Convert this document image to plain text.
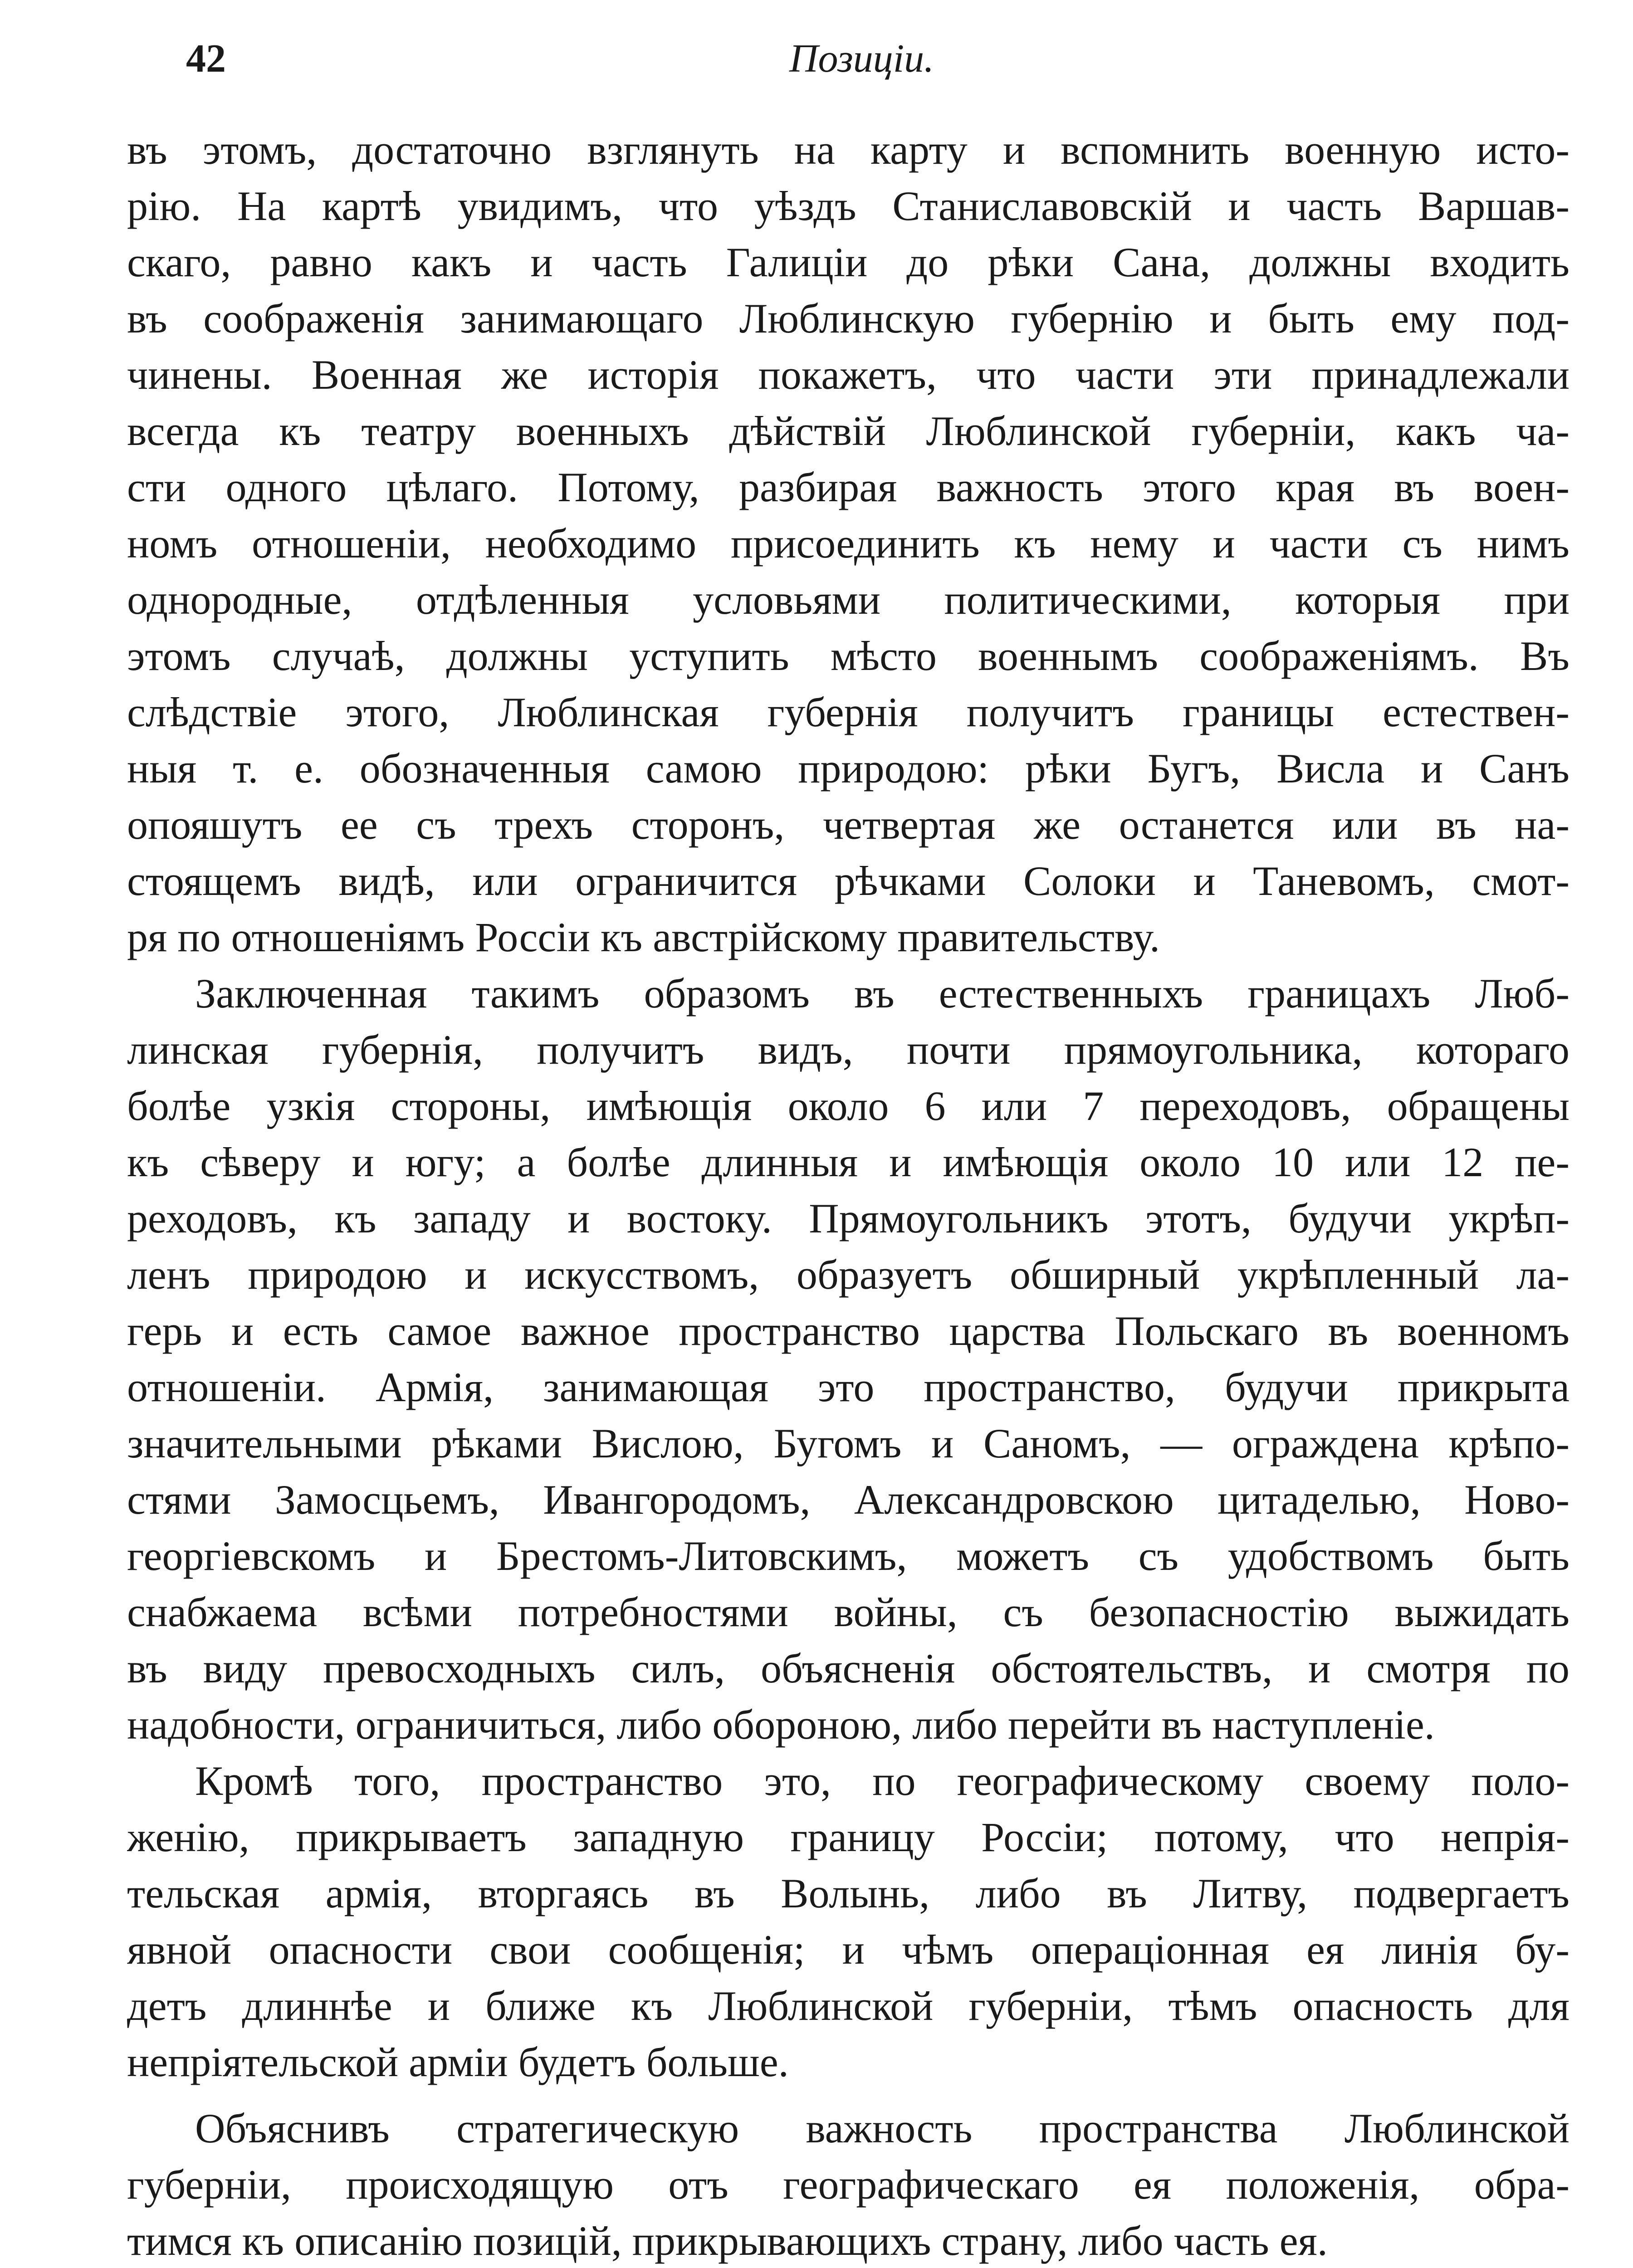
42	Позиціи.
въ этомъ, достаточно взглянуть на карту и вспомнить военную исто-
рію. На картѣ увидимъ, что уѣздъ Станиславовскій и часть Варшав-
скаго, равно какъ и часть Галиціи до рѣки Сана, должны входить
въ соображенія занимающаго Люблинскую губернію и быть ему под-
чинены. Военная же исторія покажетъ, что части эти принадлежали
всегда къ театру военныхъ дѣйствій Люблинской губерніи, какъ ча-
сти одного цѣлаго. Потому, разбирая важность этого края въ воен-
номъ отношеніи, необходимо присоединить къ нему и части съ нимъ
однородные, отдѣленныя условьями политическими, которыя при
этомъ случаѣ, должны уступить мѣсто военнымъ соображеніямъ. Въ
слѣдствіе этого, Люблинская губернія получитъ границы естествен-
ныя т. е. обозначенныя самою природою: рѣки Бугъ, Висла и Санъ
опояшутъ ее съ трехъ сторонъ, четвертая же останется или въ на-
стоящемъ видѣ, или ограничится рѣчками Солоки и Таневомъ, смот-
ря по отношеніямъ Россіи къ австрійскому правительству.
Заключенная такимъ образомъ въ естественныхъ границахъ Люб-
линская губернія, получитъ видъ, почти прямоугольника, котораго
болѣе узкія стороны, имѣющія около 6 или 7 переходовъ, обращены
къ сѣверу и югу; а болѣе длинныя и имѣющія около 10 или 12 пе-
реходовъ, къ западу и востоку. Прямоугольникъ этотъ, будучи укрѣп-
ленъ природою и искусствомъ, образуетъ обширный укрѣпленный ла-
герь и есть самое важное пространство царства Польскаго въ военномъ
отношеніи. Армія, занимающая это пространство, будучи прикрыта
значительными рѣками Вислою, Бугомъ и Саномъ, — ограждена крѣпо-
стями Замосцьемъ, Ивангородомъ, Александровскою цитаделью, Ново-
георгіевскомъ и Брестомъ-Литовскимъ, можетъ съ удобствомъ быть
снабжаема всѣми потребностями войны, съ безопасностію выжидать
въ виду превосходныхъ силъ, объясненія обстоятельствъ, и смотря по
надобности, ограничиться, либо обороною, либо перейти въ наступленіе.
Кромѣ того, пространство это, по географическому своему поло-
женію, прикрываетъ западную границу Россіи; потому, что непрія-
тельская армія, вторгаясь въ Волынь, либо въ Литву, подвергаетъ
явной опасности свои сообщенія; и чѣмъ операціонная ея линія бу-
детъ длиннѣе и ближе къ Люблинской губерніи, тѣмъ опасность для
непріятельской арміи будетъ больше.
Объяснивъ стратегическую важность пространства Люблинской
губерніи, происходящую отъ географическаго ея положенія, обра-
тимся къ описанію позицій, прикрывающихъ страну, либо часть ея.
